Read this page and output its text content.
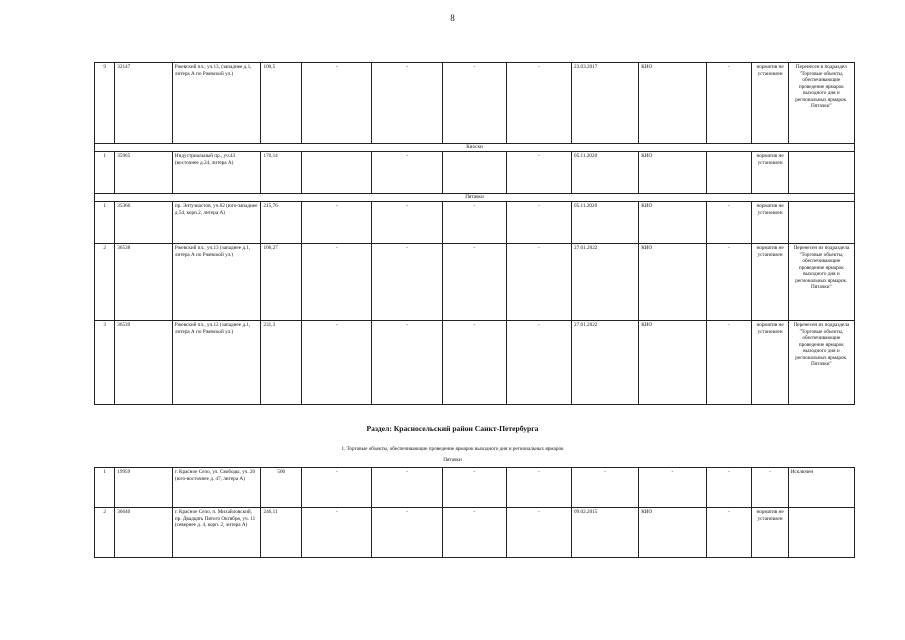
8
9	32147	Ржевский пл., уч.13, (западнее д.1, литера А по Ржевской ул.)	100,5	-	-	-	-	23.03.2017	КИО	-	норматив не установлен	Перенесен в подраздел "Торговые объекты, обеспечивающие проведение ярмарок выходного дня и региональных ярмарок. Пятачки"
Киоски												
1	35965	Индустриальный пр., уч.43 (восточнее д.24, литера А)	170,14		-		-	05.11.2020	КИО		норматив не установлен	
Пятачки												
1	35366	пр. Энтузиастов, уч.62 (юго-западнее д.54, корп.2, литера А)	215,76	-	-	-	-	05.11.2020	КИО	-	норматив не установлен	
2	36538	Ржевский пл., уч.13 (западнее д.1, литера А по Ржевской ул.)	106,27	-	-	-	-	27.01.2022	КИО	-	норматив не установлен	Перенесен из подраздела "Торговые объекты, обеспечивающие проведение ярмарок выходного дня и региональных ярмарок. Пятачки"
3	36539	Ржевский пл., уч.12 (западнее д.1, литера А по Ржевской ул.)	231,3	-	-	-	-	27.01.2022	КИО	-	норматив не установлен	Перенесен из подраздела "Торговые объекты, обеспечивающие проведение ярмарок выходного дня и региональных ярмарок. Пятачки"
Раздел: Красносельский район Санкт-Петербурга
1. Торговые объекты, обеспечивающие проведение ярмарок выходного дня и региональных ярмарок
Пятачки
1	19959	г. Красное Село, ул. Свободы, уч. 20 (юго-восточнее д. 47, литера А)	500	-	-	-	-	-	-	-	-	Исключен
2	36640	г. Красное Село, п. Михайловский, пр. Двадцать Пятого Октября, уч. 11 (севернее д. 4, корп. 2, литера А)	246,11	-	-	-	-	09.02.2015	КИО	-	норматив не установлен	
